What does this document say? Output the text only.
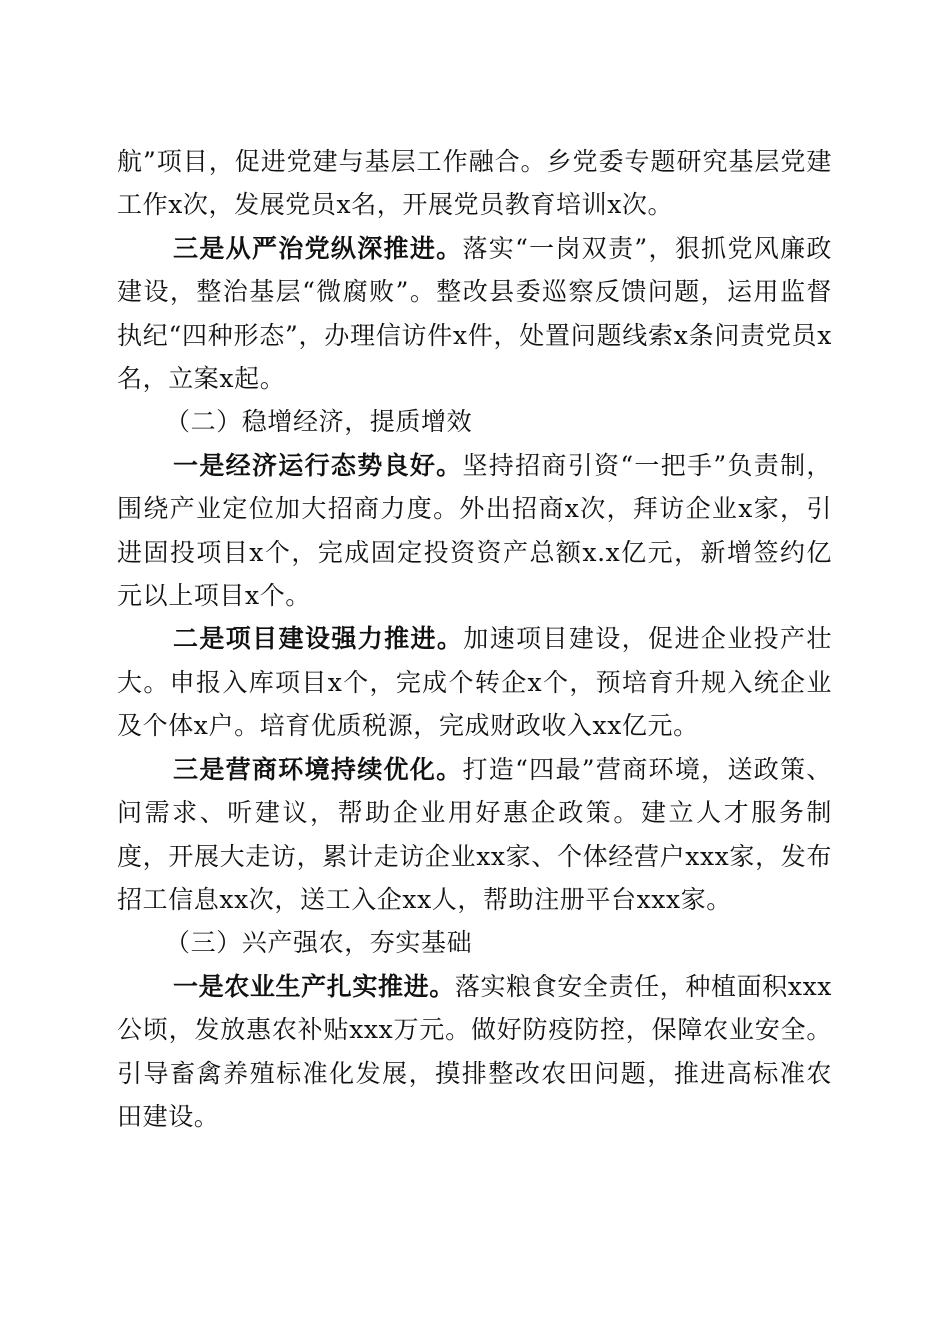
航”项目，促进党建与基层工作融合。乡党委专题研究基层党建工作x次，发展党员x名，开展党员教育培训x次。

三是从严治党纵深推进。落实“一岗双责”，狠抓党风廉政建设，整治基层“微腐败”。整改县委巡察反馈问题，运用监督执纪“四种形态”，办理信访件x件，处置问题线索x条问责党员x名，立案x起。

（二）稳增经济，提质增效

一是经济运行态势良好。坚持招商引资“一把手”负责制，围绕产业定位加大招商力度。外出招商x次，拜访企业x家，引进固投项目x个，完成固定投资资产总额x.x亿元，新增签约亿元以上项目x个。

二是项目建设强力推进。加速项目建设，促进企业投产壮大。申报入库项目x个，完成个转企x个，预培育升规入统企业及个体x户。培育优质税源，完成财政收入xx亿元。

三是营商环境持续优化。打造“四最”营商环境，送政策、问需求、听建议，帮助企业用好惠企政策。建立人才服务制度，开展大走访，累计走访企业xx家、个体经营户xxx家，发布招工信息xx次，送工入企xx人，帮助注册平台xxx家。

（三）兴产强农，夯实基础

一是农业生产扎实推进。落实粮食安全责任，种植面积xxx公顷，发放惠农补贴xxx万元。做好防疫防控，保障农业安全。引导畜禽养殖标准化发展，摸排整改农田问题，推进高标准农田建设。
